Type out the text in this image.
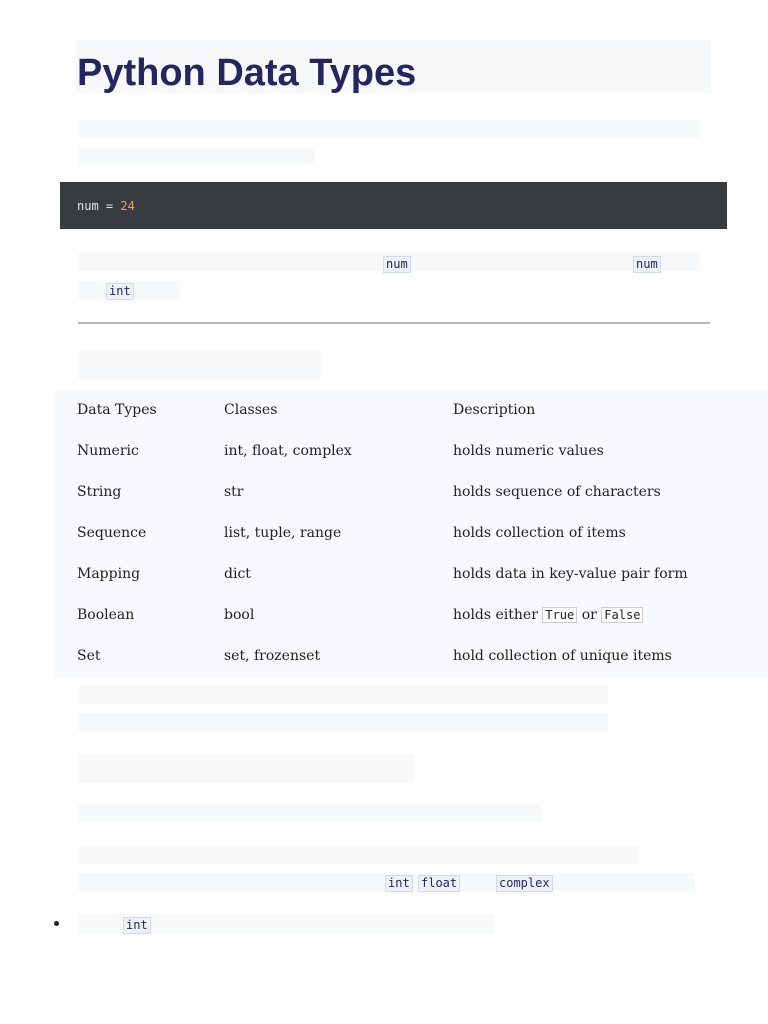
Python Data Types
num = 24
num	num
int
Data Types	Classes	Description
Numeric	int, float, complex	holds numeric values
String	str	holds sequence of characters
Sequence	list, tuple, range	holds collection of items
Mapping	dict	holds data in key-value pair form
Boolean	bool	holds either True or False
Set	set, frozenset	hold collection of unique items
int float	complex
int
